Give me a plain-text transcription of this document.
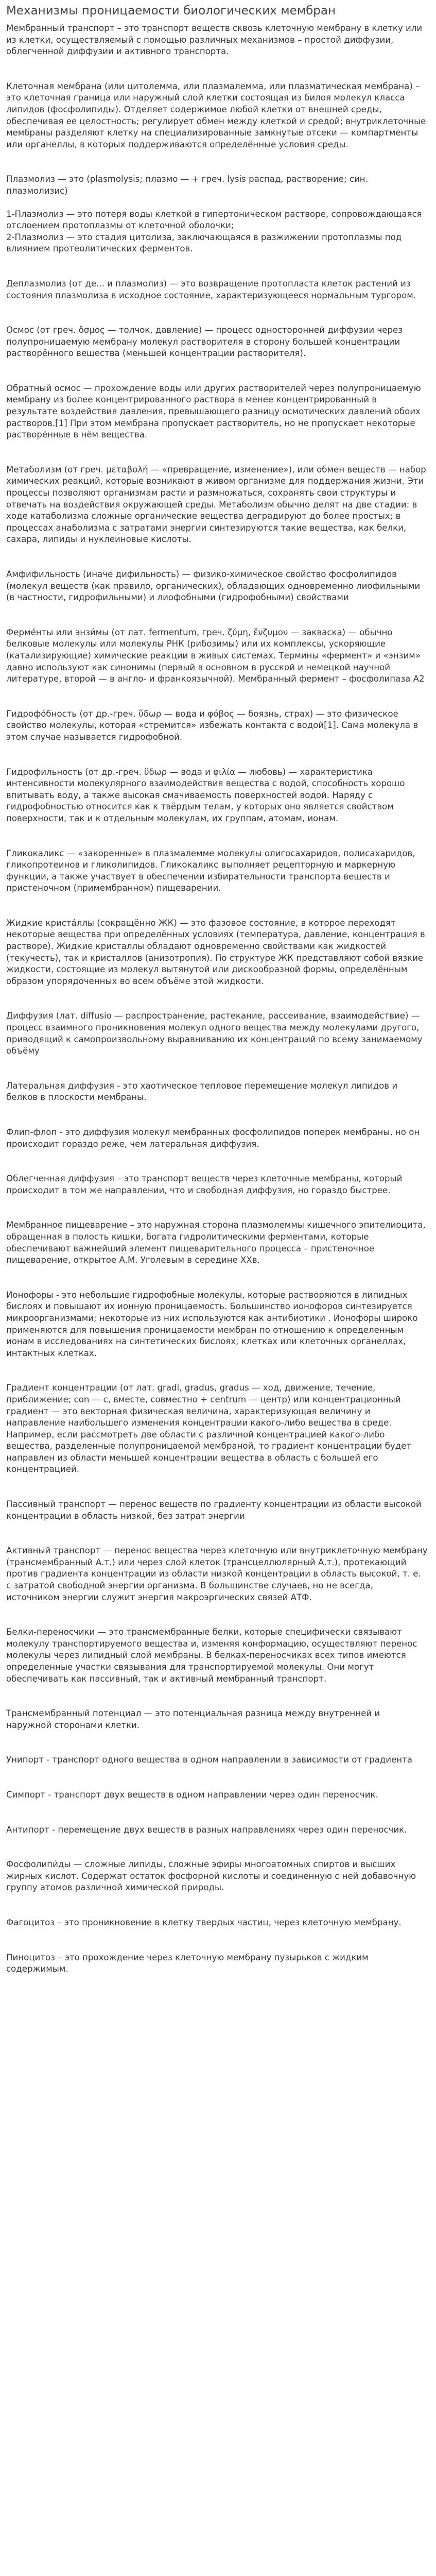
Механизмы проницаемости биологических мембран
Мембранный транспорт – это транспорт веществ сквозь клеточную мембрану в клетку или из клетки, осуществляемый с помощью различных механизмов – простой диффузии, облегченной диффузии и активного транспорта.
Клеточная мембрана (или цитолемма, или плазмалемма, или плазматическая мембрана) – это клеточная граница или наружный слой клетки состоящая из билоя молекул класса липидов (фосфолипиды). Отделяет содержимое любой клетки от внешней среды, обеспечивая ее целостность; регулирует обмен между клеткой и средой; внутриклеточные мембраны разделяют клетку на специализированные замкнутые отсеки — компартменты или органеллы, в которых поддерживаются определённые условия среды.
Плазмолиз — это (plasmolysis; плазмо — + греч. lysis распад, растворение; син. плазмолизис)
1-Плазмолиз — это потеря воды клеткой в гипертоническом растворе, сопровождающаяся отслоением протоплазмы от клеточной оболочки;
2-Плазмолиз — это стадия цитолиза, заключающаяся в разжижении протоплазмы под влиянием протеолитических ферментов.
Деплазмолиз (от де... и плазмолиз) — это возвращение протопласта клеток растений из состояния плазмолиза в исходное состояние, характеризующееся нормальным тургором.
Осмос (от греч. ὄσμος — толчок, давление) — процесс односторонней диффузии через полупроницаемую мембрану молекул растворителя в сторону большей концентрации растворённого вещества (меньшей концентрации растворителя).
Обратный осмос — прохождение воды или других растворителей через полупроницаемую мембрану из более концентрированного раствора в менее концентрированный в результате воздействия давления, превышающего разницу осмотических давлений обоих растворов.[1] При этом мембрана пропускает растворитель, но не пропускает некоторые растворённые в нём вещества.
Метаболизм (от греч. μεταβολή — «превращение, изменение»), или обмен веществ — набор химических реакций, которые возникают в живом организме для поддержания жизни. Эти процессы позволяют организмам расти и размножаться, сохранять свои структуры и отвечать на воздействия окружающей среды. Метаболизм обычно делят на две стадии: в ходе катаболизма сложные органические вещества деградируют до более простых; в процессах анаболизма с затратами энергии синтезируются такие вещества, как белки, сахара, липиды и нуклеиновые кислоты.
Амфифильность (иначе дифильность) — физико-химическое свойство фосфолипидов (молекул веществ (как правило, органических), обладающих одновременно лиофильными (в частности, гидрофильными) и лиофобными (гидрофобными) свойствами
Ферме́нты или энзи́мы (от лат. fermentum, греч. ζύμη, ἔνζυμον — закваска) — обычно белковые молекулы или молекулы РНК (рибозимы) или их комплексы, ускоряющие (катализирующие) химические реакции в живых системах. Термины «фермент» и «энзим» давно используют как синонимы (первый в основном в русской и немецкой научной литературе, второй — в англо- и франкоязычной). Мембранный фермент – фосфолипаза А2
Гидрофо́бность (от др.-греч. ὕδωρ — вода и φόβος — боязнь, страх) — это физическое свойство молекулы, которая «стремится» избежать контакта с водой[1]. Сама молекула в этом случае называется гидрофобной.
Гидрофильность (от др.-греч. ὕδωρ — вода и φιλία — любовь) — характеристика интенсивности молекулярного взаимодействия вещества с водой, способность хорошо впитывать воду, а также высокая смачиваемость поверхностей водой. Наряду с гидрофобностью относится как к твёрдым телам, у которых оно является свойством поверхности, так и к отдельным молекулам, их группам, атомам, ионам.
Гликокаликс — «закоренные» в плазмалемме молекулы олигосахаридов, полисахаридов, гликопротеинов и гликолипидов. Гликокаликс выполняет рецепторную и маркерную функции, а также участвует в обеспечении избирательности транспорта веществ и пристеночном (примембранном) пищеварении.
Жидкие криста́ллы (сокращённо ЖК) — это фазовое состояние, в которое переходят некоторые вещества при определённых условиях (температура, давление, концентрация в растворе). Жидкие кристаллы обладают одновременно свойствами как жидкостей (текучесть), так и кристаллов (анизотропия). По структуре ЖК представляют собой вязкие жидкости, состоящие из молекул вытянутой или дискообразной формы, определённым образом упорядоченных во всем объёме этой жидкости.
Диффузия (лат. diffusio — распространение, растекание, рассеивание, взаимодействие) — процесс взаимного проникновения молекул одного вещества между молекулами другого, приводящий к самопроизвольному выравниванию их концентраций по всему занимаемому объёму
Латеральная диффузия - это хаотическое тепловое перемещение молекул липидов и белков в плоскости мембраны.
Флип-флоп - это диффузия молекул мембранных фосфолипидов поперек мембраны, но он происходит гораздо реже, чем латеральная диффузия.
Облегченная диффузия – это транспорт веществ через клеточные мембраны, который происходит в том же направлении, что и свободная диффузия, но гораздо быстрее.
Мембранное пищеварение – это наружная сторона плазмолеммы кишечного эпителиоцита, обращенная в полость кишки, богата гидролитическими ферментами, которые обеспечивают важнейший элемент пищеварительного процесса – пристеночное пищеварение, открытое А.М. Уголевым в середине XXв.
Ионофоры - это небольшие гидрофобные молекулы, которые растворяются в липидных бислоях и повышают их ионную проницаемость. Большинство ионофоров синтезируется микроорганизмами; некоторые из них используются как антибиотики . Ионофоры широко применяются для повышения проницаемости мембран по отношению к определенным ионам в исследованиях на синтетических бислоях, клетках или клеточных органеллах, интактных клетках.
Градиент концентрации (от лат. gradi, gradus, gradus — ход, движение, течение, приближение; con — с, вместе, совместно + centrum — центр) или концентрационный градиент — это векторная физическая величина, характеризующая величину и направление наибольшего изменения концентрации какого-либо вещества в среде. Например, если рассмотреть две области с различной концентрацией какого-либо вещества, разделенные полупроницаемой мембраной, то градиент концентрации будет направлен из области меньшей концентрации вещества в область с большей его концентрацией.
Пассивный транспорт — перенос веществ по градиенту концентрации из области высокой концентрации в область низкой, без затрат энергии
Активный транспорт — перенос вещества через клеточную или внутриклеточную мембрану (трансмембранный А.т.) или через слой клеток (трансцеллюлярный А.т.), протекающий против градиента концентрации из области низкой концентрации в область высокой, т. е. с затратой свободной энергии организма. В большинстве случаев, но не всегда, источником энергии служит энергия макроэргических связей АТФ.
Белки-переносчики — это трансмембранные белки, которые специфически связывают молекулу транспортируемого вещества и, изменяя конформацию, осуществляют перенос молекулы через липидный слой мембраны. В белках-переносчиках всех типов имеются определенные участки связывания для транспортируемой молекулы. Они могут обеспечивать как пассивный, так и активный мембранный транспорт.
Трансмембранный потенциал — это потенциальная разница между внутренней и наружной сторонами клетки.
Унипорт - транспорт одного вещества в одном направлении в зависимости от градиента
Симпорт - транспорт двух веществ в одном направлении через один переносчик.
Антипорт - перемещение двух веществ в разных направлениях через один переносчик.
Фосфолипи́ды — сложные липиды, сложные эфиры многоатомных спиртов и высших жирных кислот. Содержат остаток фосфорной кислоты и соединенную с ней добавочную группу атомов различной химической природы.
Фагоцитоз – это проникновение в клетку твердых частиц, через клеточную мембрану.
Пиноцитоз – это прохождение через клеточную мембрану пузырьков с жидким содержимым.
